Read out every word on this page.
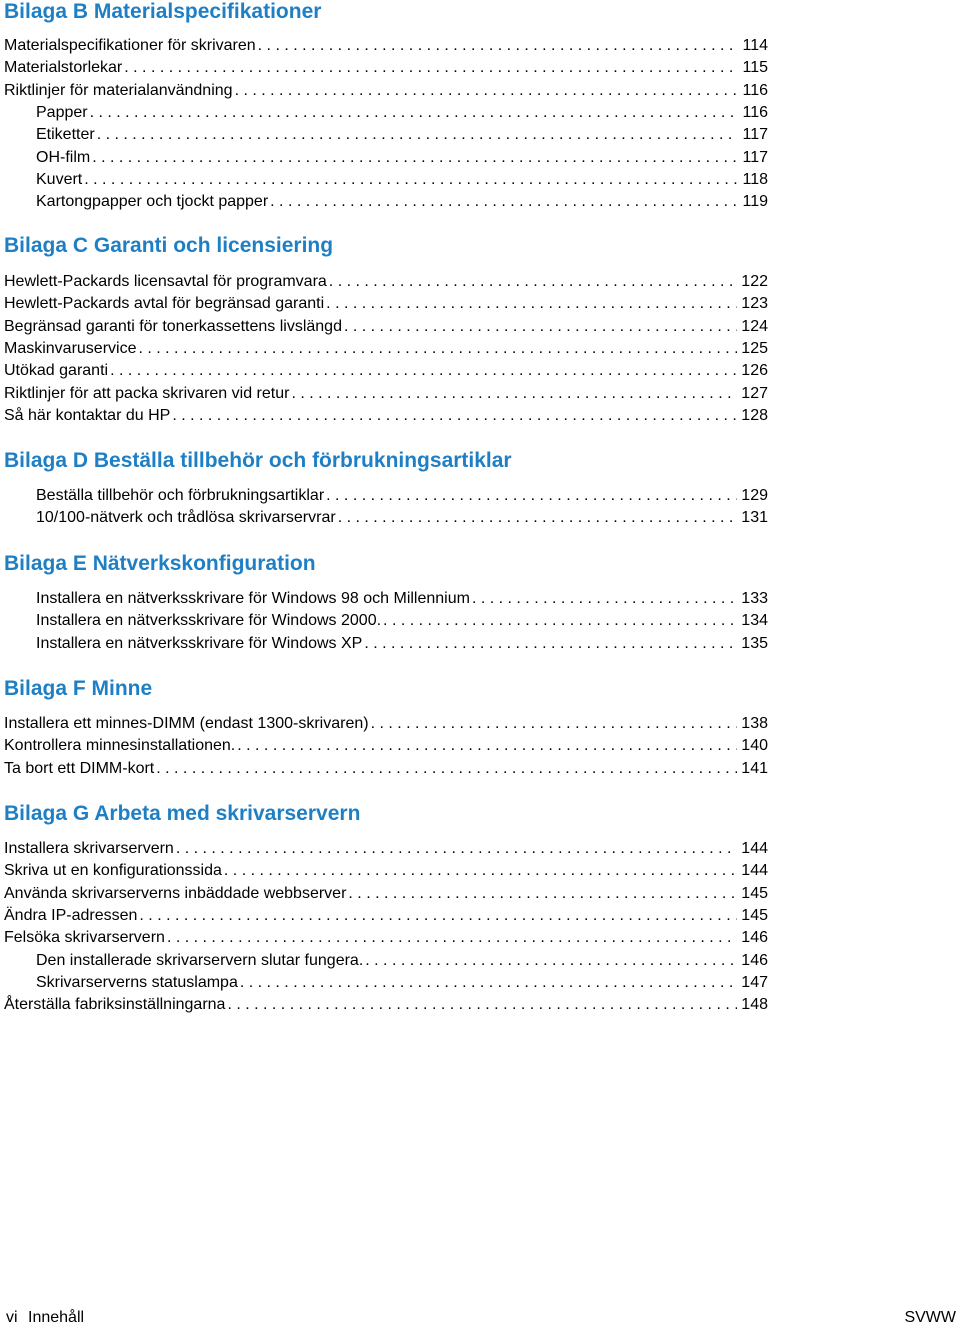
Bilaga B Materialspecifikationer
Materialspecifikationer för skrivaren . . .	114
Materialstorlekar . . .	115
Riktlinjer för materialanvändning . . .	116
Papper . . .	116
Etiketter . . .	117
OH-film . . .	117
Kuvert . . .	118
Kartongpapper och tjockt papper . . .	119
Bilaga C Garanti och licensiering
Hewlett-Packards licensavtal för programvara . . .	122
Hewlett-Packards avtal för begränsad garanti . . .	123
Begränsad garanti för tonerkassettens livslängd . . .	124
Maskinvaruservice . . .	125
Utökad garanti . . .	126
Riktlinjer för att packa skrivaren vid retur . . .	127
Så här kontaktar du HP . . .	128
Bilaga D Beställa tillbehör och förbrukningsartiklar
Beställa tillbehör och förbrukningsartiklar . . .	129
10/100-nätverk och trådlösa skrivarservrar . . .	131
Bilaga E Nätverkskonfiguration
Installera en nätverksskrivare för Windows 98 och Millennium . . .	133
Installera en nätverksskrivare för Windows 2000. . . .	134
Installera en nätverksskrivare för Windows XP . . .	135
Bilaga F Minne
Installera ett minnes-DIMM (endast 1300-skrivaren) . . .	138
Kontrollera minnesinstallationen. . . .	140
Ta bort ett DIMM-kort . . .	141
Bilaga G Arbeta med skrivarservern
Installera skrivarservern . . .	144
Skriva ut en konfigurationssida . . .	144
Använda skrivarserverns inbäddade webbserver . . .	145
Ändra IP-adressen . . .	145
Felsöka skrivarservern . . .	146
Den installerade skrivarservern slutar fungera. . . .	146
Skrivarserverns statuslampa . . .	147
Återställa fabriksinställningarna . . .	148
vi Innehåll	SVWW
